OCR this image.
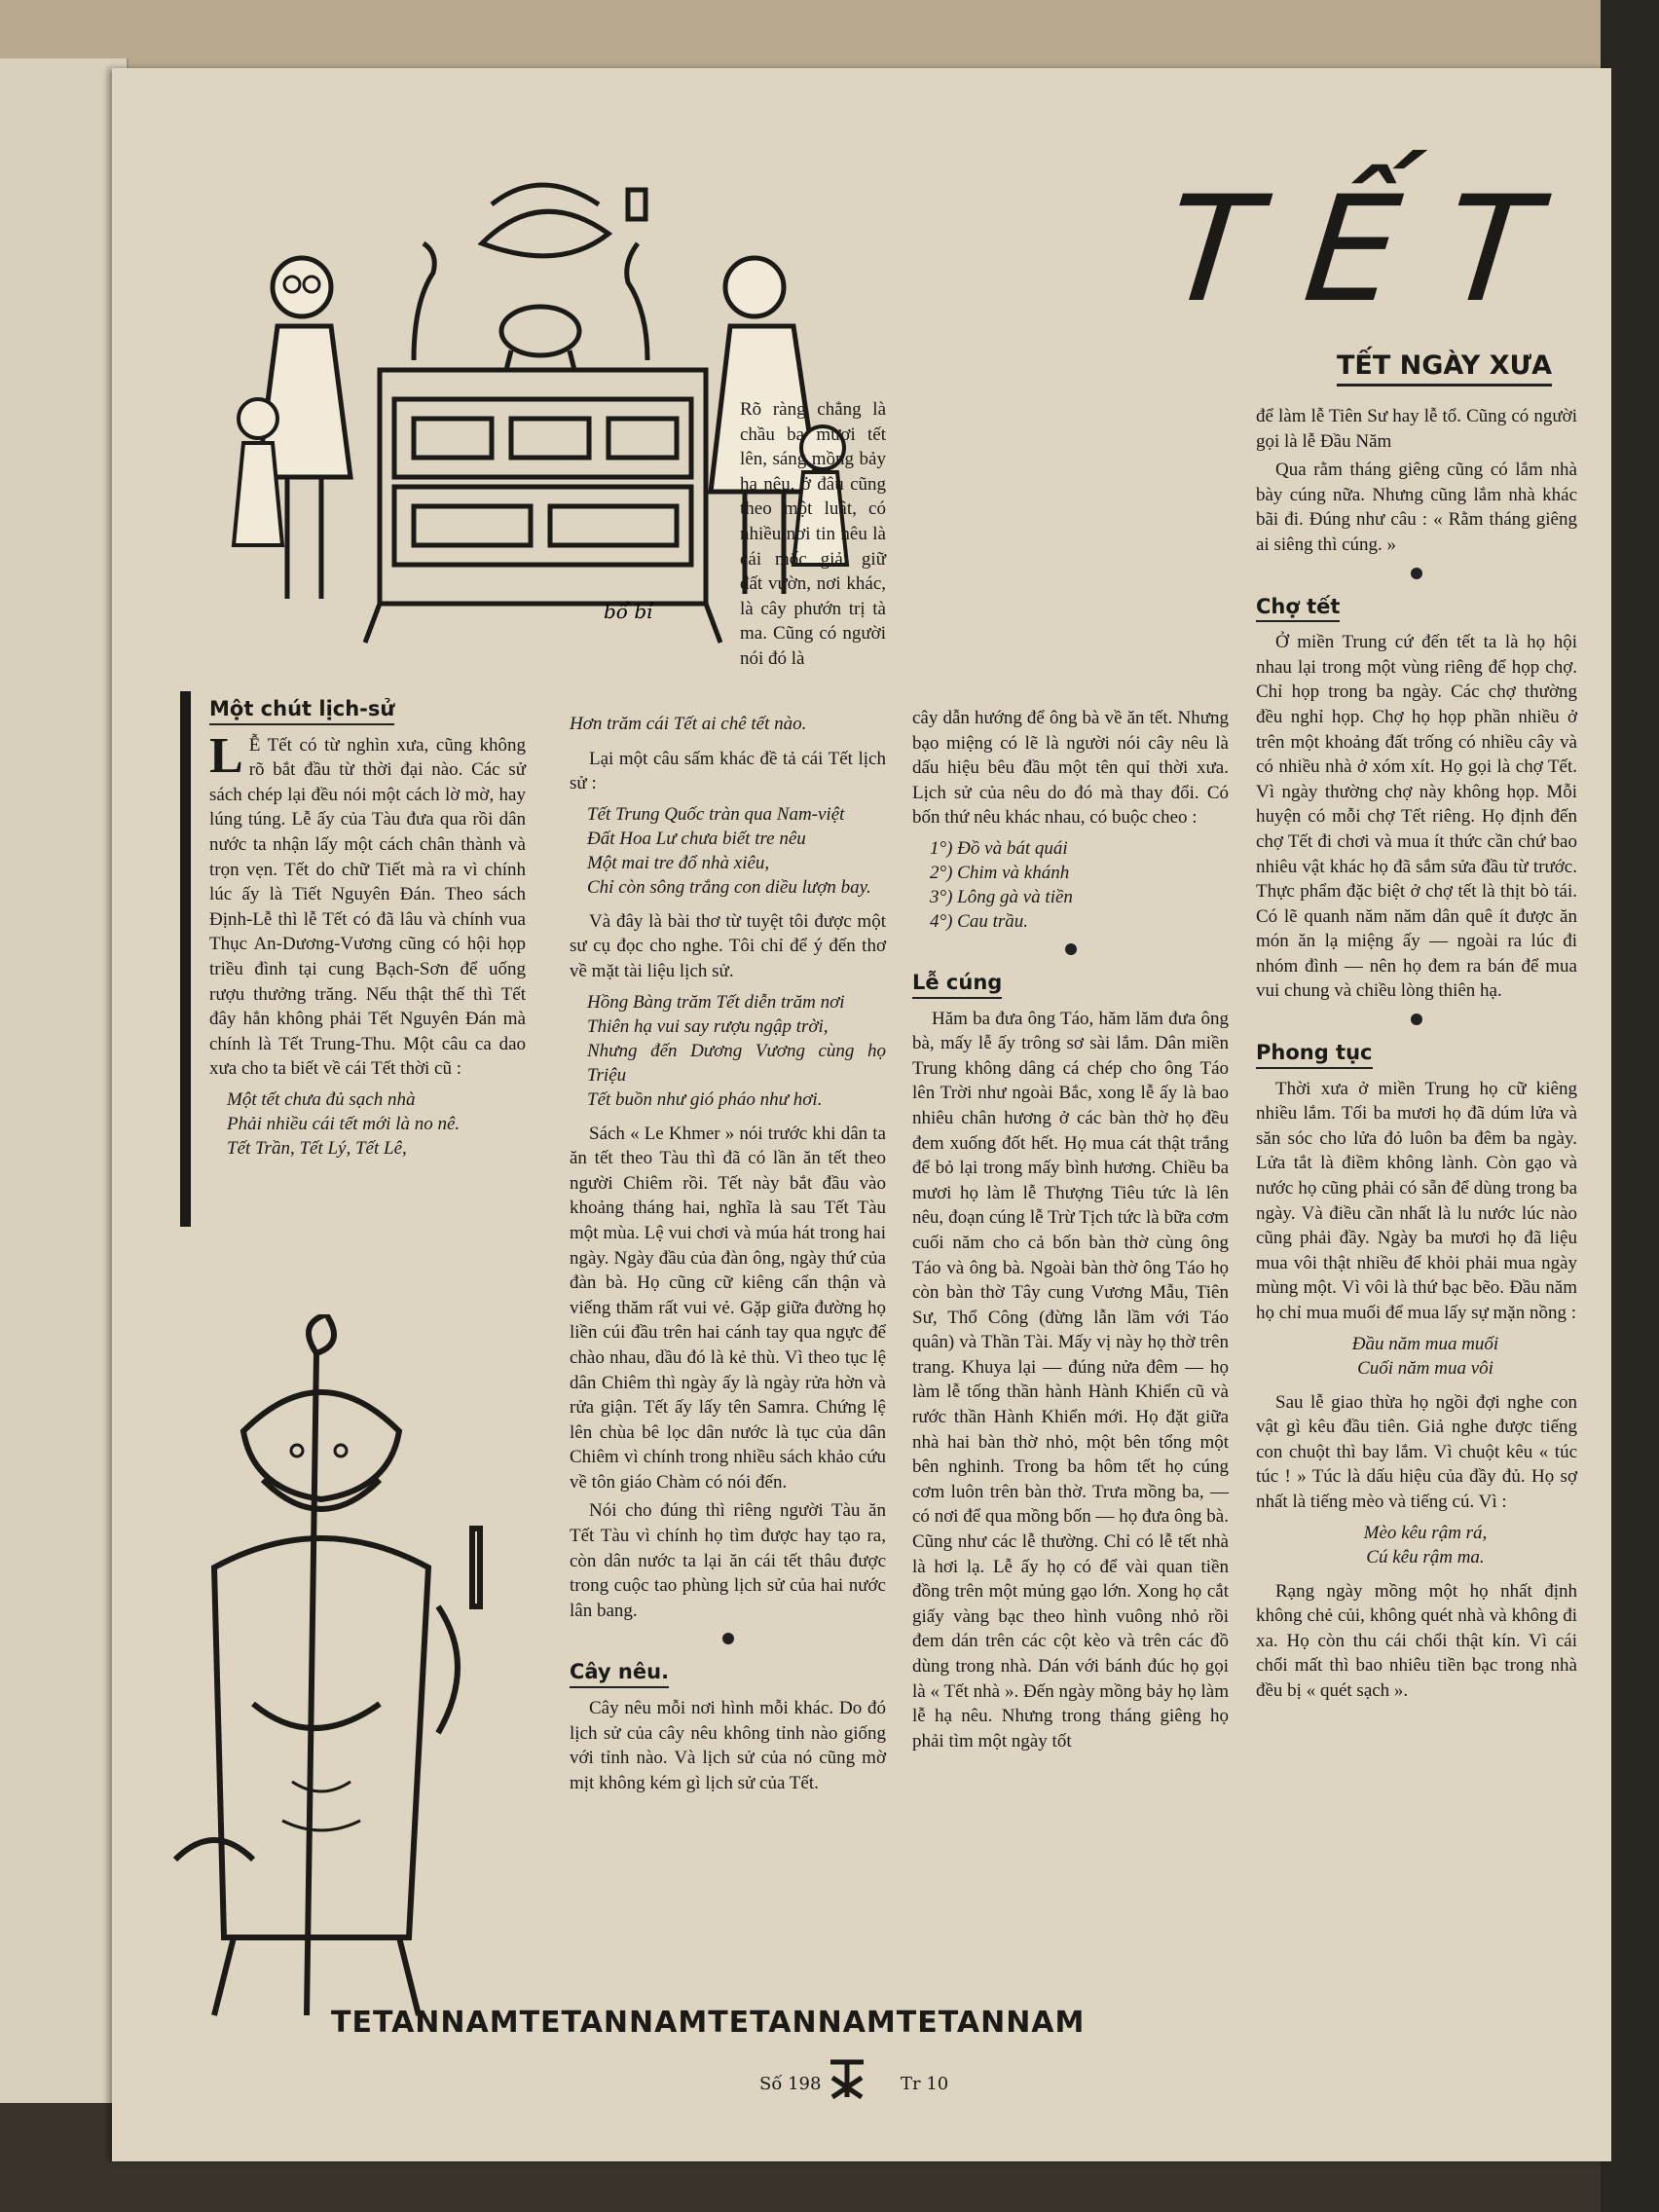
TẾT
TẾT NGÀY XƯA
bổ bỉ

Rõ ràng chẳng là chầu ba mươi tết lên, sáng mồng bảy hạ nêu, ở đâu cũng theo một luật, có nhiều nơi tin nêu là cái mốc giải giữ đất vườn, nơi khác, là cây phướn trị tà ma. Cũng có người nói đó là

Một chút lịch-sử

L Ễ Tết có từ nghìn xưa, cũng không rõ bắt đầu từ thời đại nào. Các sử sách chép lại đều nói một cách lờ mờ, hay lúng túng. Lễ ấy của Tàu đưa qua rồi dân nước ta nhận lấy một cách chân thành và trọn vẹn. Tết do chữ Tiết mà ra vì chính lúc ấy là Tiết Nguyên Đán. Theo sách Định-Lễ thì lễ Tết có đã lâu và chính vua Thục An-Dương-Vương cũng có hội họp triều đình tại cung Bạch-Sơn để uống rượu thưởng trăng. Nếu thật thế thì Tết đây hẳn không phải Tết Nguyên Đán mà chính là Tết Trung-Thu. Một câu ca dao xưa cho ta biết về cái Tết thời cũ :

Một tết chưa đủ sạch nhà
Phải nhiều cái tết mới là no nê.
Tết Trần, Tết Lý, Tết Lê,
Hơn trăm cái Tết ai chê tết nào.

Lại một câu sấm khác đề tả cái Tết lịch sử :

Tết Trung Quốc tràn qua Nam-việt
Đất Hoa Lư chưa biết tre nêu
Một mai tre đổ nhà xiêu,
Chỉ còn sông trắng con diều lượn bay.

Và đây là bài thơ từ tuyệt tôi được một sư cụ đọc cho nghe. Tôi chỉ để ý đến thơ về mặt tài liệu lịch sử.

Hồng Bàng trăm Tết diễn trăm nơi
Thiên hạ vui say rượu ngập trời,
Nhưng đến Dương Vương cùng họ Triệu
Tết buồn như gió pháo như hơi.

Sách « Le Khmer » nói trước khi dân ta ăn tết theo Tàu thì đã có lần ăn tết theo người Chiêm rồi. Tết này bắt đầu vào khoảng tháng hai, nghĩa là sau Tết Tàu một mùa. Lệ vui chơi và múa hát trong hai ngày. Ngày đầu của đàn ông, ngày thứ của đàn bà. Họ cũng cữ kiêng cẩn thận và viếng thăm rất vui vẻ. Gặp giữa đường họ liền cúi đầu trên hai cánh tay qua ngực để chào nhau, dầu đó là kẻ thù. Vì theo tục lệ dân Chiêm thì ngày ấy là ngày rửa hờn và rửa giận. Tết ấy lấy tên Samra. Chứng lệ lên chùa bê lọc dân nước là tục của dân Chiêm vì chính trong nhiều sách khảo cứu về tôn giáo Chàm có nói đến.

Nói cho đúng thì riêng người Tàu ăn Tết Tàu vì chính họ tìm được hay tạo ra, còn dân nước ta lại ăn cái tết thâu được trong cuộc tao phùng lịch sử của hai nước lân bang.

Cây nêu.

Cây nêu mỗi nơi hình mỗi khác. Do đó lịch sử của cây nêu không tỉnh nào giống với tỉnh nào. Và lịch sử của nó cũng mờ mịt không kém gì lịch sử của Tết.

cây dẫn hướng để ông bà về ăn tết. Nhưng bạo miệng có lẽ là người nói cây nêu là dấu hiệu bêu đầu một tên quỉ thời xưa. Lịch sử của nêu do đó mà thay đổi. Có bốn thứ nêu khác nhau, có buộc cheo :

1°) Đồ và bát quái
2°) Chim và khánh
3°) Lông gà và tiền
4°) Cau trầu.
Lễ cúng

Hăm ba đưa ông Táo, hăm lăm đưa ông bà, mấy lễ ấy trông sơ sài lắm. Dân miền Trung không dâng cá chép cho ông Táo lên Trời như ngoài Bắc, xong lễ ấy là bao nhiêu chân hương ở các bàn thờ họ đều đem xuống đốt hết. Họ mua cát thật trắng để bỏ lại trong mấy bình hương. Chiều ba mươi họ làm lễ Thượng Tiêu tức là lên nêu, đoạn cúng lễ Trừ Tịch tức là bữa cơm cuối năm cho cả bốn bàn thờ cùng ông Táo và ông bà. Ngoài bàn thờ ông Táo họ còn bàn thờ Tây cung Vương Mẫu, Tiên Sư, Thổ Công (đừng lẫn lầm với Táo quân) và Thần Tài. Mấy vị này họ thờ trên trang. Khuya lại — đúng nửa đêm — họ làm lễ tống thần hành Hành Khiển cũ và rước thần Hành Khiển mới. Họ đặt giữa nhà hai bàn thờ nhỏ, một bên tổng một bên nghinh. Trong ba hôm tết họ cúng cơm luôn trên bàn thờ. Trưa mồng ba, — có nơi để qua mồng bốn — họ đưa ông bà. Cũng như các lễ thường. Chỉ có lễ tết nhà là hơi lạ. Lễ ấy họ có để vài quan tiền đồng trên một mủng gạo lớn. Xong họ cắt giấy vàng bạc theo hình vuông nhỏ rồi đem dán trên các cột kèo và trên các đồ dùng trong nhà. Dán với bánh đúc họ gọi là « Tết nhà ». Đến ngày mồng bảy họ làm lễ hạ nêu. Nhưng trong tháng giêng họ phải tìm một ngày tốt

để làm lễ Tiên Sư hay lễ tổ. Cũng có người gọi là lễ Đầu Năm

Qua rằm tháng giêng cũng có lắm nhà bày cúng nữa. Nhưng cũng lắm nhà khác bãi đi. Đúng như câu : « Rằm tháng giêng ai siêng thì cúng. »

Chợ tết

Ở miền Trung cứ đến tết ta là họ hội nhau lại trong một vùng riêng để họp chợ. Chỉ họp trong ba ngày. Các chợ thường đều nghỉ họp. Chợ họ họp phần nhiều ở trên một khoảng đất trống có nhiều cây và có nhiều nhà ở xóm xít. Họ gọi là chợ Tết. Vì ngày thường chợ này không họp. Mỗi huyện có mỗi chợ Tết riêng. Họ định đến chợ Tết đi chơi và mua ít thức cần chứ bao nhiêu vật khác họ đã sắm sửa đầu từ trước. Thực phẩm đặc biệt ở chợ tết là thịt bò tái. Có lẽ quanh năm năm dân quê ít được ăn món ăn lạ miệng ấy — ngoài ra lúc đi nhóm đình — nên họ đem ra bán để mua vui chung và chiều lòng thiên hạ.

Phong tục

Thời xưa ở miền Trung họ cữ kiêng nhiều lắm. Tối ba mươi họ đã dúm lửa và săn sóc cho lửa đỏ luôn ba đêm ba ngày. Lửa tắt là điềm không lành. Còn gạo và nước họ cũng phải có sẵn để dùng trong ba ngày. Và điều cần nhất là lu nước lúc nào cũng phải đầy. Ngày ba mươi họ đã liệu mua vôi thật nhiều để khỏi phải mua ngày mùng một. Vì vôi là thứ bạc bẽo. Đầu năm họ chỉ mua muối để mua lấy sự mặn nồng :

Đầu năm mua muối
Cuối năm mua vôi

Sau lễ giao thừa họ ngồi đợi nghe con vật gì kêu đầu tiên. Giả nghe được tiếng con chuột thì bay lắm. Vì chuột kêu « túc túc ! » Túc là dấu hiệu của đầy đủ. Họ sợ nhất là tiếng mèo và tiếng cú. Vì :

Mèo kêu rậm rá,
Cú kêu rậm ma.

Rạng ngày mồng một họ nhất định không chẻ củi, không quét nhà và không đi xa. Họ còn thu cái chổi thật kín. Vì cái chổi mất thì bao nhiêu tiền bạc trong nhà đều bị « quét sạch ».

TETANNAMTETANNAMTETANNAMTETANNAM
Số 198	Tr 10
